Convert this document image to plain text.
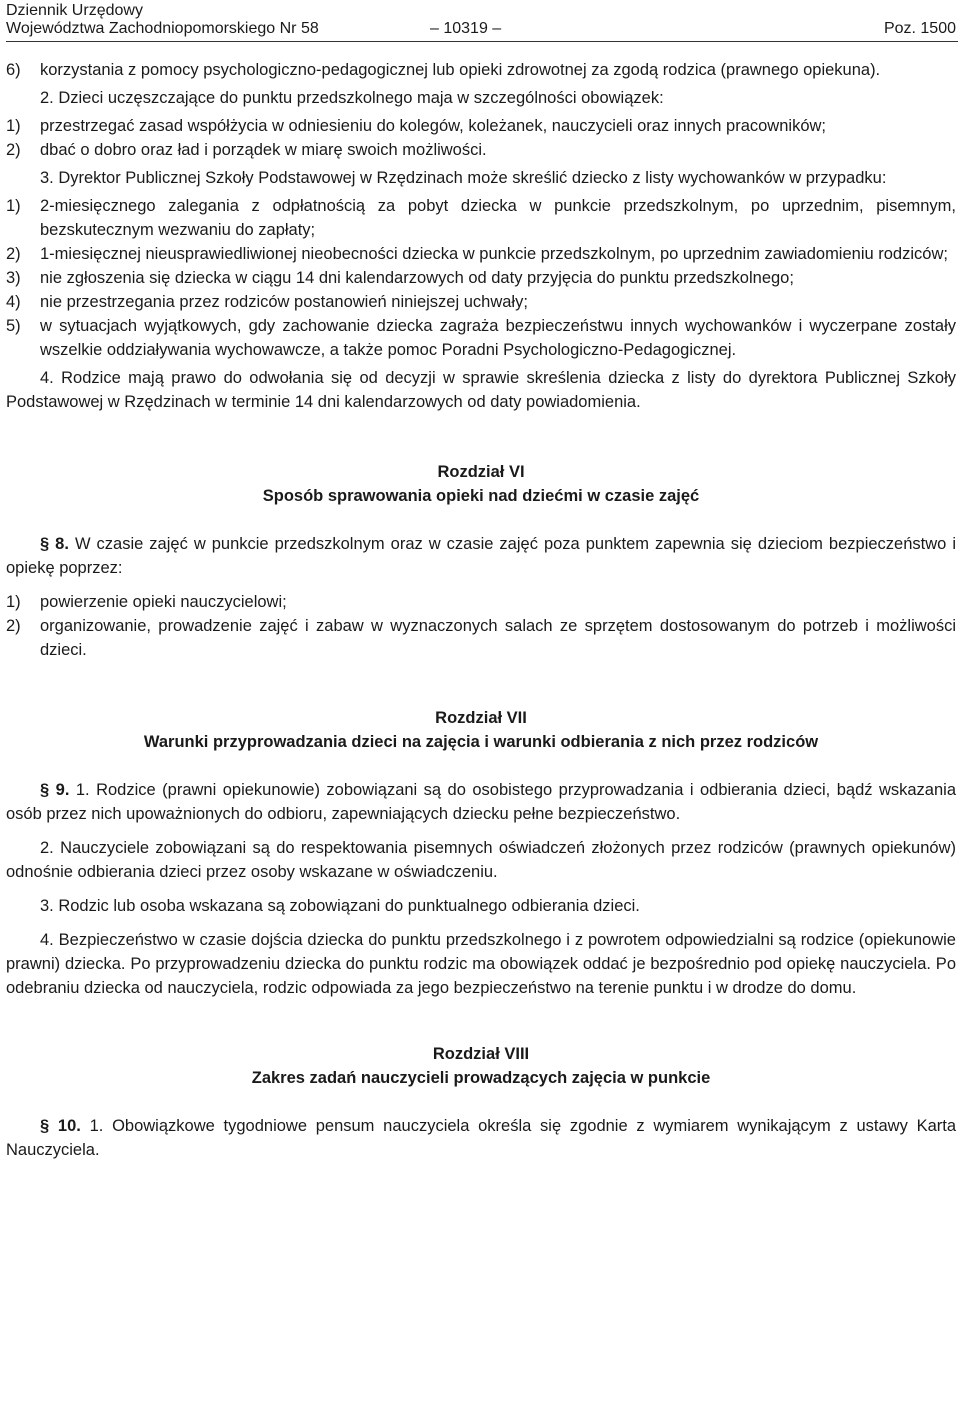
Dziennik Urzędowy
Województwa Zachodniopomorskiego Nr 58	– 10319 –	Poz. 1500
6)	korzystania z pomocy psychologiczno-pedagogicznej lub opieki zdrowotnej za zgodą rodzica (prawnego opiekuna).

2. Dzieci uczęszczające do punktu przedszkolnego maja w szczególności obowiązek:

1)	przestrzegać zasad współżycia w odniesieniu do kolegów, koleżanek, nauczycieli oraz innych pracowników;
2)	dbać o dobro oraz ład i porządek w miarę swoich możliwości.

3. Dyrektor Publicznej Szkoły Podstawowej w Rzędzinach może skreślić dziecko z listy wychowanków w przypadku:

1)	2-miesięcznego zalegania z odpłatnością za pobyt dziecka w punkcie przedszkolnym, po uprzednim, pisemnym, bezskutecznym wezwaniu do zapłaty;
2)	1-miesięcznej nieusprawiedliwionej nieobecności dziecka w punkcie przedszkolnym, po uprzednim zawiadomieniu rodziców;
3)	nie zgłoszenia się dziecka w ciągu 14 dni kalendarzowych od daty przyjęcia do punktu przedszkolnego;
4)	nie przestrzegania przez rodziców postanowień niniejszej uchwały;
5)	w sytuacjach wyjątkowych, gdy zachowanie dziecka zagraża bezpieczeństwu innych wychowanków i wyczerpane zostały wszelkie oddziaływania wychowawcze, a także pomoc Poradni Psychologiczno-Pedagogicznej.

4. Rodzice mają prawo do odwołania się od decyzji w sprawie skreślenia dziecka z listy do dyrektora Publicznej Szkoły Podstawowej w Rzędzinach w terminie 14 dni kalendarzowych od daty powiadomienia.

Rozdział VI
Sposób sprawowania opieki nad dziećmi w czasie zajęć

§ 8. W czasie zajęć w punkcie przedszkolnym oraz w czasie zajęć poza punktem zapewnia się dzieciom bezpieczeństwo i opiekę poprzez:

1)	powierzenie opieki nauczycielowi;
2)	organizowanie, prowadzenie zajęć i zabaw w wyznaczonych salach ze sprzętem dostosowanym do potrzeb i możliwości dzieci.
Rozdział VII
Warunki przyprowadzania dzieci na zajęcia i warunki odbierania z nich przez rodziców

§ 9. 1. Rodzice (prawni opiekunowie) zobowiązani są do osobistego przyprowadzania i odbierania dzieci, bądź wskazania osób przez nich upoważnionych do odbioru, zapewniających dziecku pełne bezpieczeństwo.

2. Nauczyciele zobowiązani są do respektowania pisemnych oświadczeń złożonych przez rodziców (prawnych opiekunów) odnośnie odbierania dzieci przez osoby wskazane w oświadczeniu.

3. Rodzic lub osoba wskazana są zobowiązani do punktualnego odbierania dzieci.

4. Bezpieczeństwo w czasie dojścia dziecka do punktu przedszkolnego i z powrotem odpowiedzialni są rodzice (opiekunowie prawni) dziecka. Po przyprowadzeniu dziecka do punktu rodzic ma obowiązek oddać je bezpośrednio pod opiekę nauczyciela. Po odebraniu dziecka od nauczyciela, rodzic odpowiada za jego bezpieczeństwo na terenie punktu i w drodze do domu.

Rozdział VIII
Zakres zadań nauczycieli prowadzących zajęcia w punkcie

§ 10. 1. Obowiązkowe tygodniowe pensum nauczyciela określa się zgodnie z wymiarem wynikającym z ustawy Karta Nauczyciela.
